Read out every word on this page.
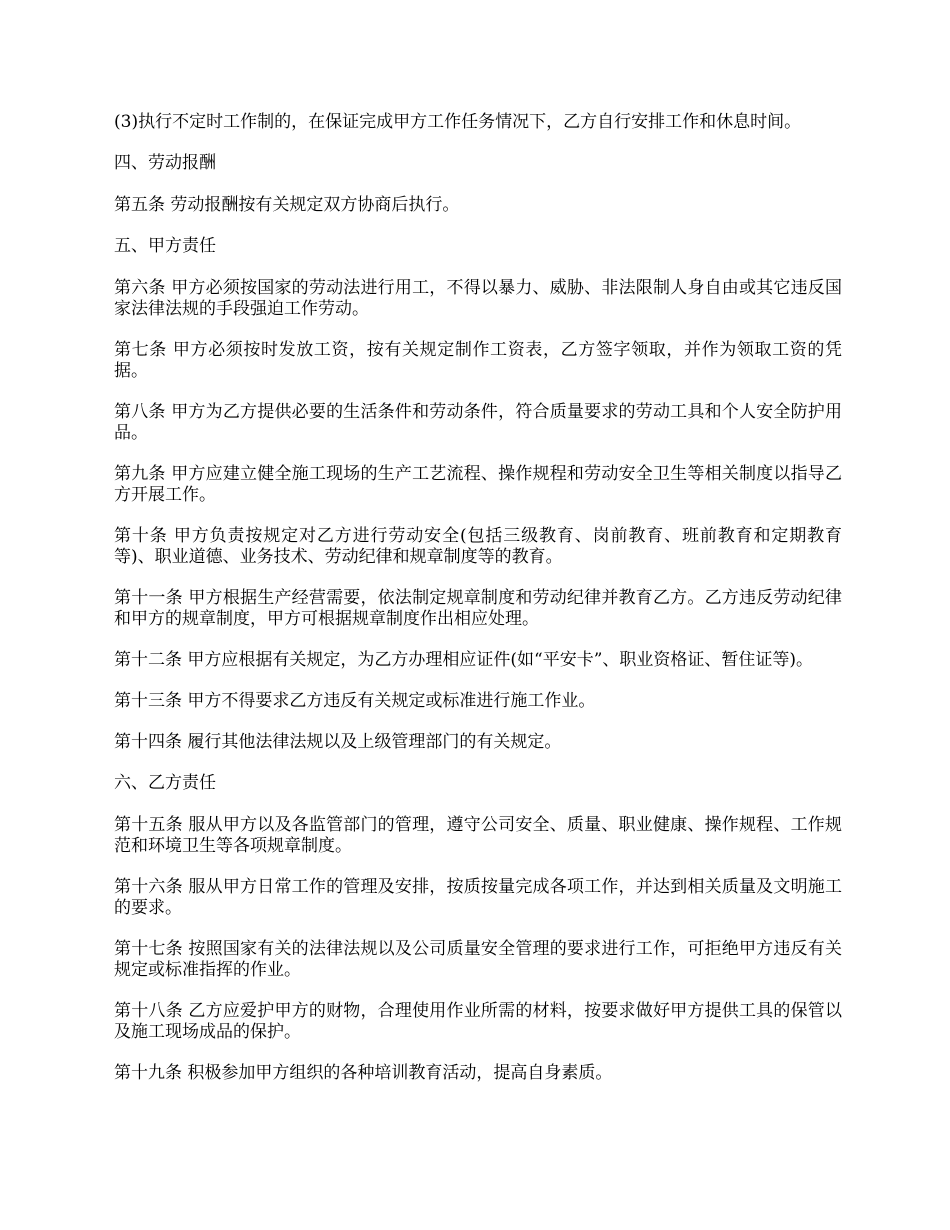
(3)执行不定时工作制的，在保证完成甲方工作任务情况下，乙方自行安排工作和休息时间。

四、劳动报酬

第五条 劳动报酬按有关规定双方协商后执行。

五、甲方责任

第六条 甲方必须按国家的劳动法进行用工，不得以暴力、威胁、非法限制人身自由或其它违反国家法律法规的手段强迫工作劳动。

第七条 甲方必须按时发放工资，按有关规定制作工资表，乙方签字领取，并作为领取工资的凭据。

第八条 甲方为乙方提供必要的生活条件和劳动条件，符合质量要求的劳动工具和个人安全防护用品。

第九条 甲方应建立健全施工现场的生产工艺流程、操作规程和劳动安全卫生等相关制度以指导乙方开展工作。

第十条 甲方负责按规定对乙方进行劳动安全(包括三级教育、岗前教育、班前教育和定期教育等)、职业道德、业务技术、劳动纪律和规章制度等的教育。

第十一条 甲方根据生产经营需要，依法制定规章制度和劳动纪律并教育乙方。乙方违反劳动纪律和甲方的规章制度，甲方可根据规章制度作出相应处理。

第十二条 甲方应根据有关规定，为乙方办理相应证件(如“平安卡”、职业资格证、暂住证等)。

第十三条 甲方不得要求乙方违反有关规定或标准进行施工作业。

第十四条 履行其他法律法规以及上级管理部门的有关规定。

六、乙方责任

第十五条 服从甲方以及各监管部门的管理，遵守公司安全、质量、职业健康、操作规程、工作规范和环境卫生等各项规章制度。

第十六条 服从甲方日常工作的管理及安排，按质按量完成各项工作，并达到相关质量及文明施工的要求。

第十七条 按照国家有关的法律法规以及公司质量安全管理的要求进行工作，可拒绝甲方违反有关规定或标准指挥的作业。

第十八条 乙方应爱护甲方的财物，合理使用作业所需的材料，按要求做好甲方提供工具的保管以及施工现场成品的保护。

第十九条 积极参加甲方组织的各种培训教育活动，提高自身素质。
